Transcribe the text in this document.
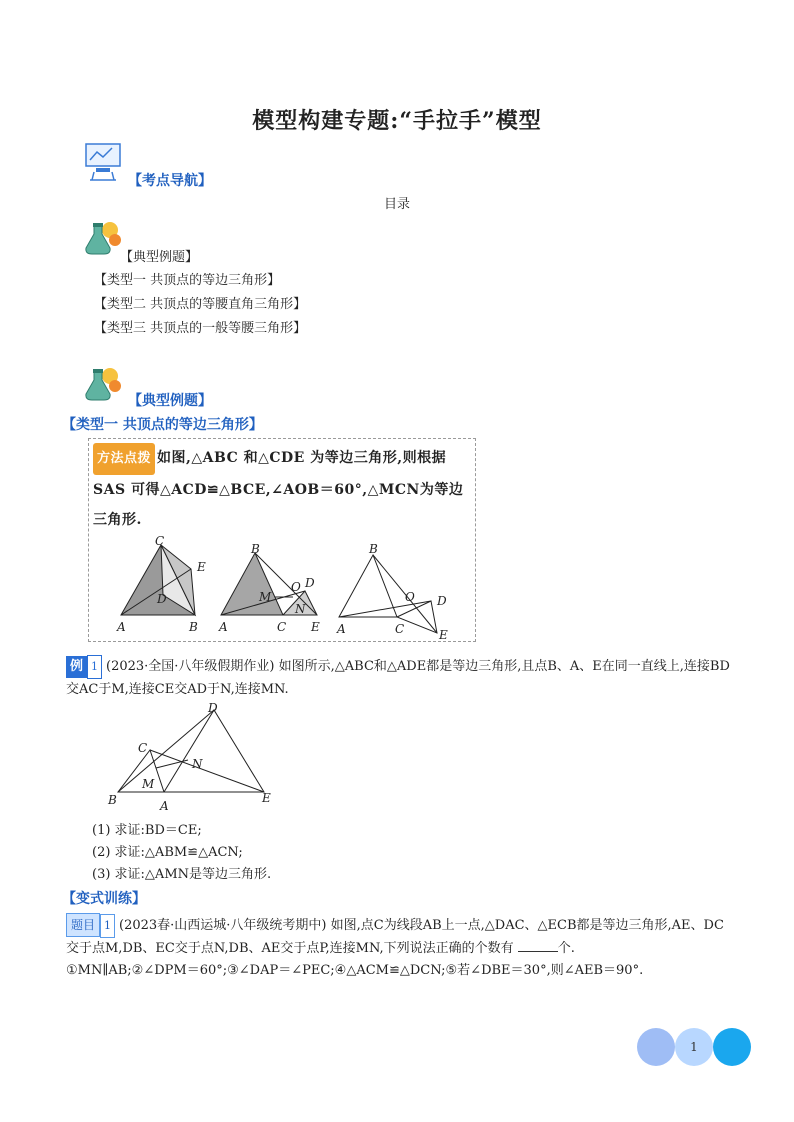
模型构建专题:“手拉手”模型
【考点导航】
目录
【典型例题】
【类型一 共顶点的等边三角形】
【类型二 共顶点的等腰直角三角形】
【类型三 共顶点的一般等腰三角形】
【典型例题】
【类型一 共顶点的等边三角形】
方法点拨 如图,△ABC 和△CDE 为等边三角形,则根据 SAS 可得△ACD≌△BCE,∠AOB＝60°,△MCN为等边三角形.
C
E
D
A	B
B
O D
M
N
A	C E
B
O D
A	C	E
例 1 (2023·全国·八年级假期作业) 如图所示,△ABC和△ADE都是等边三角形,且点B、A、E在同一直线上,连接BD交AC于M,连接CE交AD于N,连接MN.
D
C
N
M
B	A
E
(1) 求证:BD＝CE;
(2) 求证:△ABM≌△ACN;
(3) 求证:△AMN是等边三角形.
【变式训练】
题目 1 (2023春·山西运城·八年级统考期中) 如图,点C为线段AB上一点,△DAC、△ECB都是等边三角形,AE、DC交于点M,DB、EC交于点N,DB、AE交于点P,连接MN,下列说法正确的个数有	个.
①MN∥AB;②∠DPM＝60°;③∠DAP＝∠PEC;④△ACM≌△DCN;⑤若∠DBE＝30°,则∠AEB＝90°.
1
